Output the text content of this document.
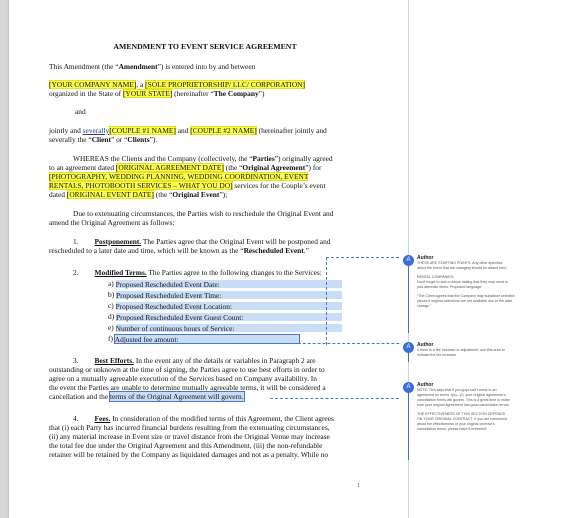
AMENDMENT TO EVENT SERVICE AGREEMENT
This Amendment (the “Amendment”) is entered into by and between
[YOUR COMPANY NAME], a [SOLE PROPRIETORSHIP/ LLC/ CORPORATION]
organized in the State of [YOUR STATE] (hereinafter “The Company”)
and
jointly and severally[COUPLE #1 NAME] and [COUPLE #2 NAME] (hereinafter jointly and
severally the “Client” or “Clients”).
WHEREAS the Clients and the Company (collectively, the “Parties”) originally agreed
to an agreement dated [ORIGINAL AGREEMENT DATE] (the “Original Agreement”) for
[PHOTOGRAPHY, WEDDING PLANNING, WEDDING COORDINATION, EVENT
RENTALS, PHOTOBOOTH SERVICES – WHAT YOU DO] services for the Couple’s event
dated [ORIGINAL EVENT DATE] (the “Original Event”);
Due to extenuating circumstances, the Parties wish to reschedule the Original Event and
amend the Original Agreement as follows:
1. Postponement. The Parties agree that the Original Event will be postponed and
rescheduled to a later date and time, which will be known as the “Rescheduled Event.”
2. Modified Terms. The Parties agree to the following changes to the Services:
a) Proposed Rescheduled Event Date:
b) Proposed Rescheduled Event Time:
c) Proposed Rescheduled Event Location:
d) Proposed Rescheduled Event Guest Count:
e) Number of continuous hours of Service:
f) Adjusted fee amount:
3. Best Efforts. In the event any of the details or variables in Paragraph 2 are
outstanding or unknown at the time of signing, the Parties agree to use best efforts in order to
agree on a mutually agreeable execution of the Services based on Company availability. In
the event the Parties are unable to determine mutually agreeable terms, it will be considered a
cancellation and the terms of the Original Agreement will govern.
4. Fees. In consideration of the modified terms of this Agreement, the Client agrees
that (i) each Party has incurred financial burdens resulting from the extenuating circumstances,
(ii) any material increase in Event size or travel distance from the Original Venue may increase
the total fee due under the Original Agreement and this Amendment, (iii) the non-refundable
retainer will be retained by the Company as liquidated damages and not as a penalty. While no
1
A	Author
THESE ARE STARTING POINTS. Any other specifics
about the event that are changing should be added here.
RENTAL COMPANIES:
Don't forget to add a clause stating that they may need to
pick alternate items. Proposed language:
“The Client agrees that the Company may substitute selected
pieces if original selections are not available due to the date
change.”
A	Author
If there is a fee increase or adjustment, use this area to
indicate the fee increase.
A	Author
NOTE: This says that if you guys can't come to an
agreement on terms 1(a)—(f), your original agreement's
cancellation terms will govern. This is a great time to make
sure your original agreement has good cancellation terms.
THE EFFECTIVENESS OF THIS SECTION DEPENDS
ON YOUR ORIGINAL CONTRACT. If you are concerned
about the effectiveness of your original contract's
cancellation terms, please have it reviewed!
